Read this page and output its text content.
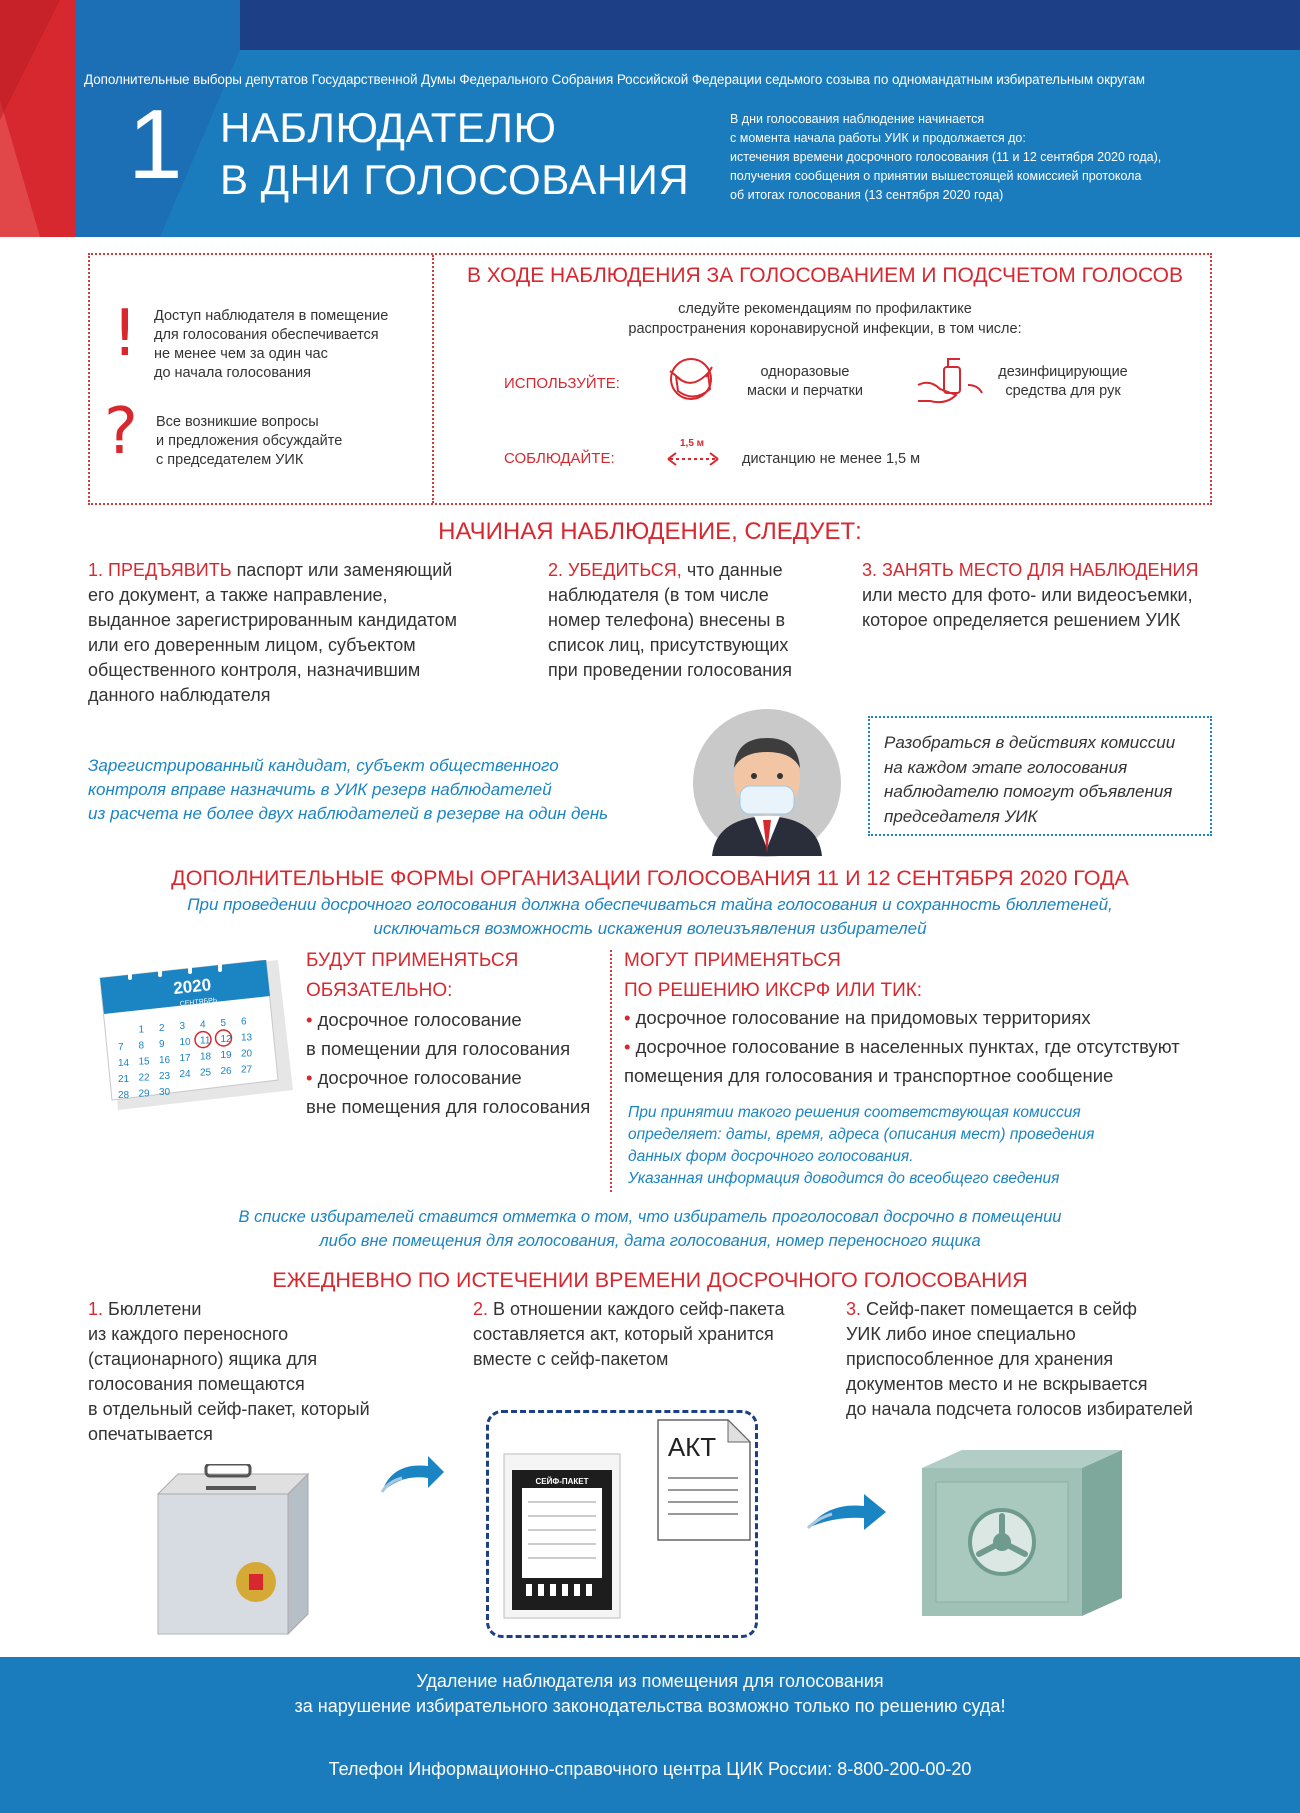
Дополнительные выборы депутатов Государственной Думы Федерального Собрания Российской Федерации седьмого созыва по одномандатным избирательным округам
1 НАБЛЮДАТЕЛЮ
В ДНИ ГОЛОСОВАНИЯ
В дни голосования наблюдение начинается
с момента начала работы УИК и продолжается до:
истечения времени досрочного голосования (11 и 12 сентября 2020 года),
получения сообщения о принятии вышестоящей комиссией протокола
об итогах голосования (13 сентября 2020 года)
! Доступ наблюдателя в помещение
для голосования обеспечивается
не менее чем за один час
до начала голосования
? Все возникшие вопросы
и предложения обсуждайте
с председателем УИК
В ХОДЕ НАБЛЮДЕНИЯ ЗА ГОЛОСОВАНИЕМ И ПОДСЧЕТОМ ГОЛОСОВ
следуйте рекомендациям по профилактике
распространения коронавирусной инфекции, в том числе:
ИСПОЛЬЗУЙТЕ:
одноразовые
маски и перчатки
дезинфицирующие
средства для рук
СОБЛЮДАЙТЕ:
1,5 м
дистанцию не менее 1,5 м
НАЧИНАЯ НАБЛЮДЕНИЕ, СЛЕДУЕТ:
1. ПРЕДЪЯВИТЬ паспорт или заменяющий
его документ, а также направление,
выданное зарегистрированным кандидатом
или его доверенным лицом, субъектом
общественного контроля, назначившим
данного наблюдателя
2. УБЕДИТЬСЯ, что данные
наблюдателя (в том числе
номер телефона) внесены в
список лиц, присутствующих
при проведении голосования
3. ЗАНЯТЬ МЕСТО ДЛЯ НАБЛЮДЕНИЯ
или место для фото- или видеосъемки,
которое определяется решением УИК
Зарегистрированный кандидат, субъект общественного
контроля вправе назначить в УИК резерв наблюдателей
из расчета не более двух наблюдателей в резерве на один день
Разобраться в действиях комиссии
на каждом этапе голосования
наблюдателю помогут объявления
председателя УИК
ДОПОЛНИТЕЛЬНЫЕ ФОРМЫ ОРГАНИЗАЦИИ ГОЛОСОВАНИЯ 11 И 12 СЕНТЯБРЯ 2020 ГОДА
При проведении досрочного голосования должна обеспечиваться тайна голосования и сохранность бюллетеней,
исключаться возможность искажения волеизъявления избирателей
2020
СЕНТЯБРЬ
1 2 3 4 5 6
7 8 9 10 11 12 13
14 15 16 17 18 19 20
21 22 23 24 25 26 27
28 29 30
БУДУТ ПРИМЕНЯТЬСЯ
ОБЯЗАТЕЛЬНО:
• досрочное голосование
в помещении для голосования
• досрочное голосование
вне помещения для голосования
МОГУТ ПРИМЕНЯТЬСЯ
ПО РЕШЕНИЮ ИКСРФ ИЛИ ТИК:
• досрочное голосование на придомовых территориях
• досрочное голосование в населенных пунктах, где отсутствуют
помещения для голосования и транспортное сообщение
При принятии такого решения соответствующая комиссия
определяет: даты, время, адреса (описания мест) проведения
данных форм досрочного голосования.
Указанная информация доводится до всеобщего сведения
В списке избирателей ставится отметка о том, что избиратель проголосовал досрочно в помещении
либо вне помещения для голосования, дата голосования, номер переносного ящика
ЕЖЕДНЕВНО ПО ИСТЕЧЕНИИ ВРЕМЕНИ ДОСРОЧНОГО ГОЛОСОВАНИЯ
1. Бюллетени
из каждого переносного
(стационарного) ящика для
голосования помещаются
в отдельный сейф-пакет, который
опечатывается
2. В отношении каждого сейф-пакета
составляется акт, который хранится
вместе с сейф-пакетом
3. Сейф-пакет помещается в сейф
УИК либо иное специально
приспособленное для хранения
документов место и не вскрывается
до начала подсчета голосов избирателей
СЕЙФ-ПАКЕТ
АКТ
Удаление наблюдателя из помещения для голосования
за нарушение избирательного законодательства возможно только по решению суда!
Телефон Информационно-справочного центра ЦИК России: 8-800-200-00-20
